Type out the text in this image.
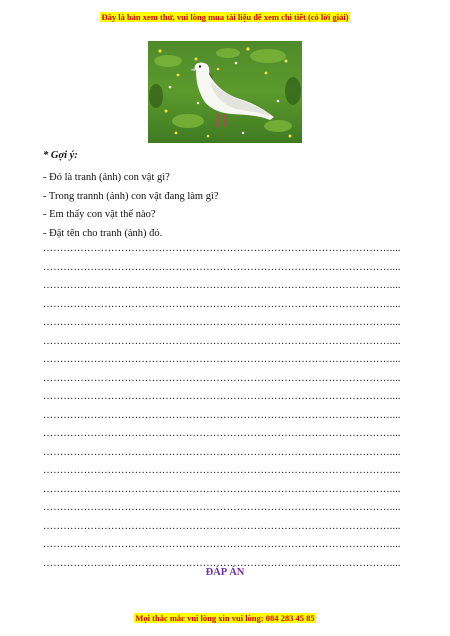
Đây là bản xem thử, vui lòng mua tài liệu để xem chi tiết (có lời giải)
* Gợi ý:
- Đó là tranh (ảnh) con vật gì?
- Trong trannh (ảnh) con vật đang làm gì?
- Em thấy con vật thế nào?
- Đặt tên cho tranh (ảnh) đó.
…………………………………………………………………………………………....
…………………………………………………………………………………………....
…………………………………………………………………………………………....
…………………………………………………………………………………………....
…………………………………………………………………………………………....
…………………………………………………………………………………………....
…………………………………………………………………………………………....
…………………………………………………………………………………………....
…………………………………………………………………………………………....
…………………………………………………………………………………………....
…………………………………………………………………………………………....
…………………………………………………………………………………………....
…………………………………………………………………………………………....
…………………………………………………………………………………………....
…………………………………………………………………………………………....
…………………………………………………………………………………………....
…………………………………………………………………………………………....
…………………………………………………………………………………………....
ĐÁP ÁN
Mọi thắc mắc vui lòng xin vui lòng: 084 283 45 85
